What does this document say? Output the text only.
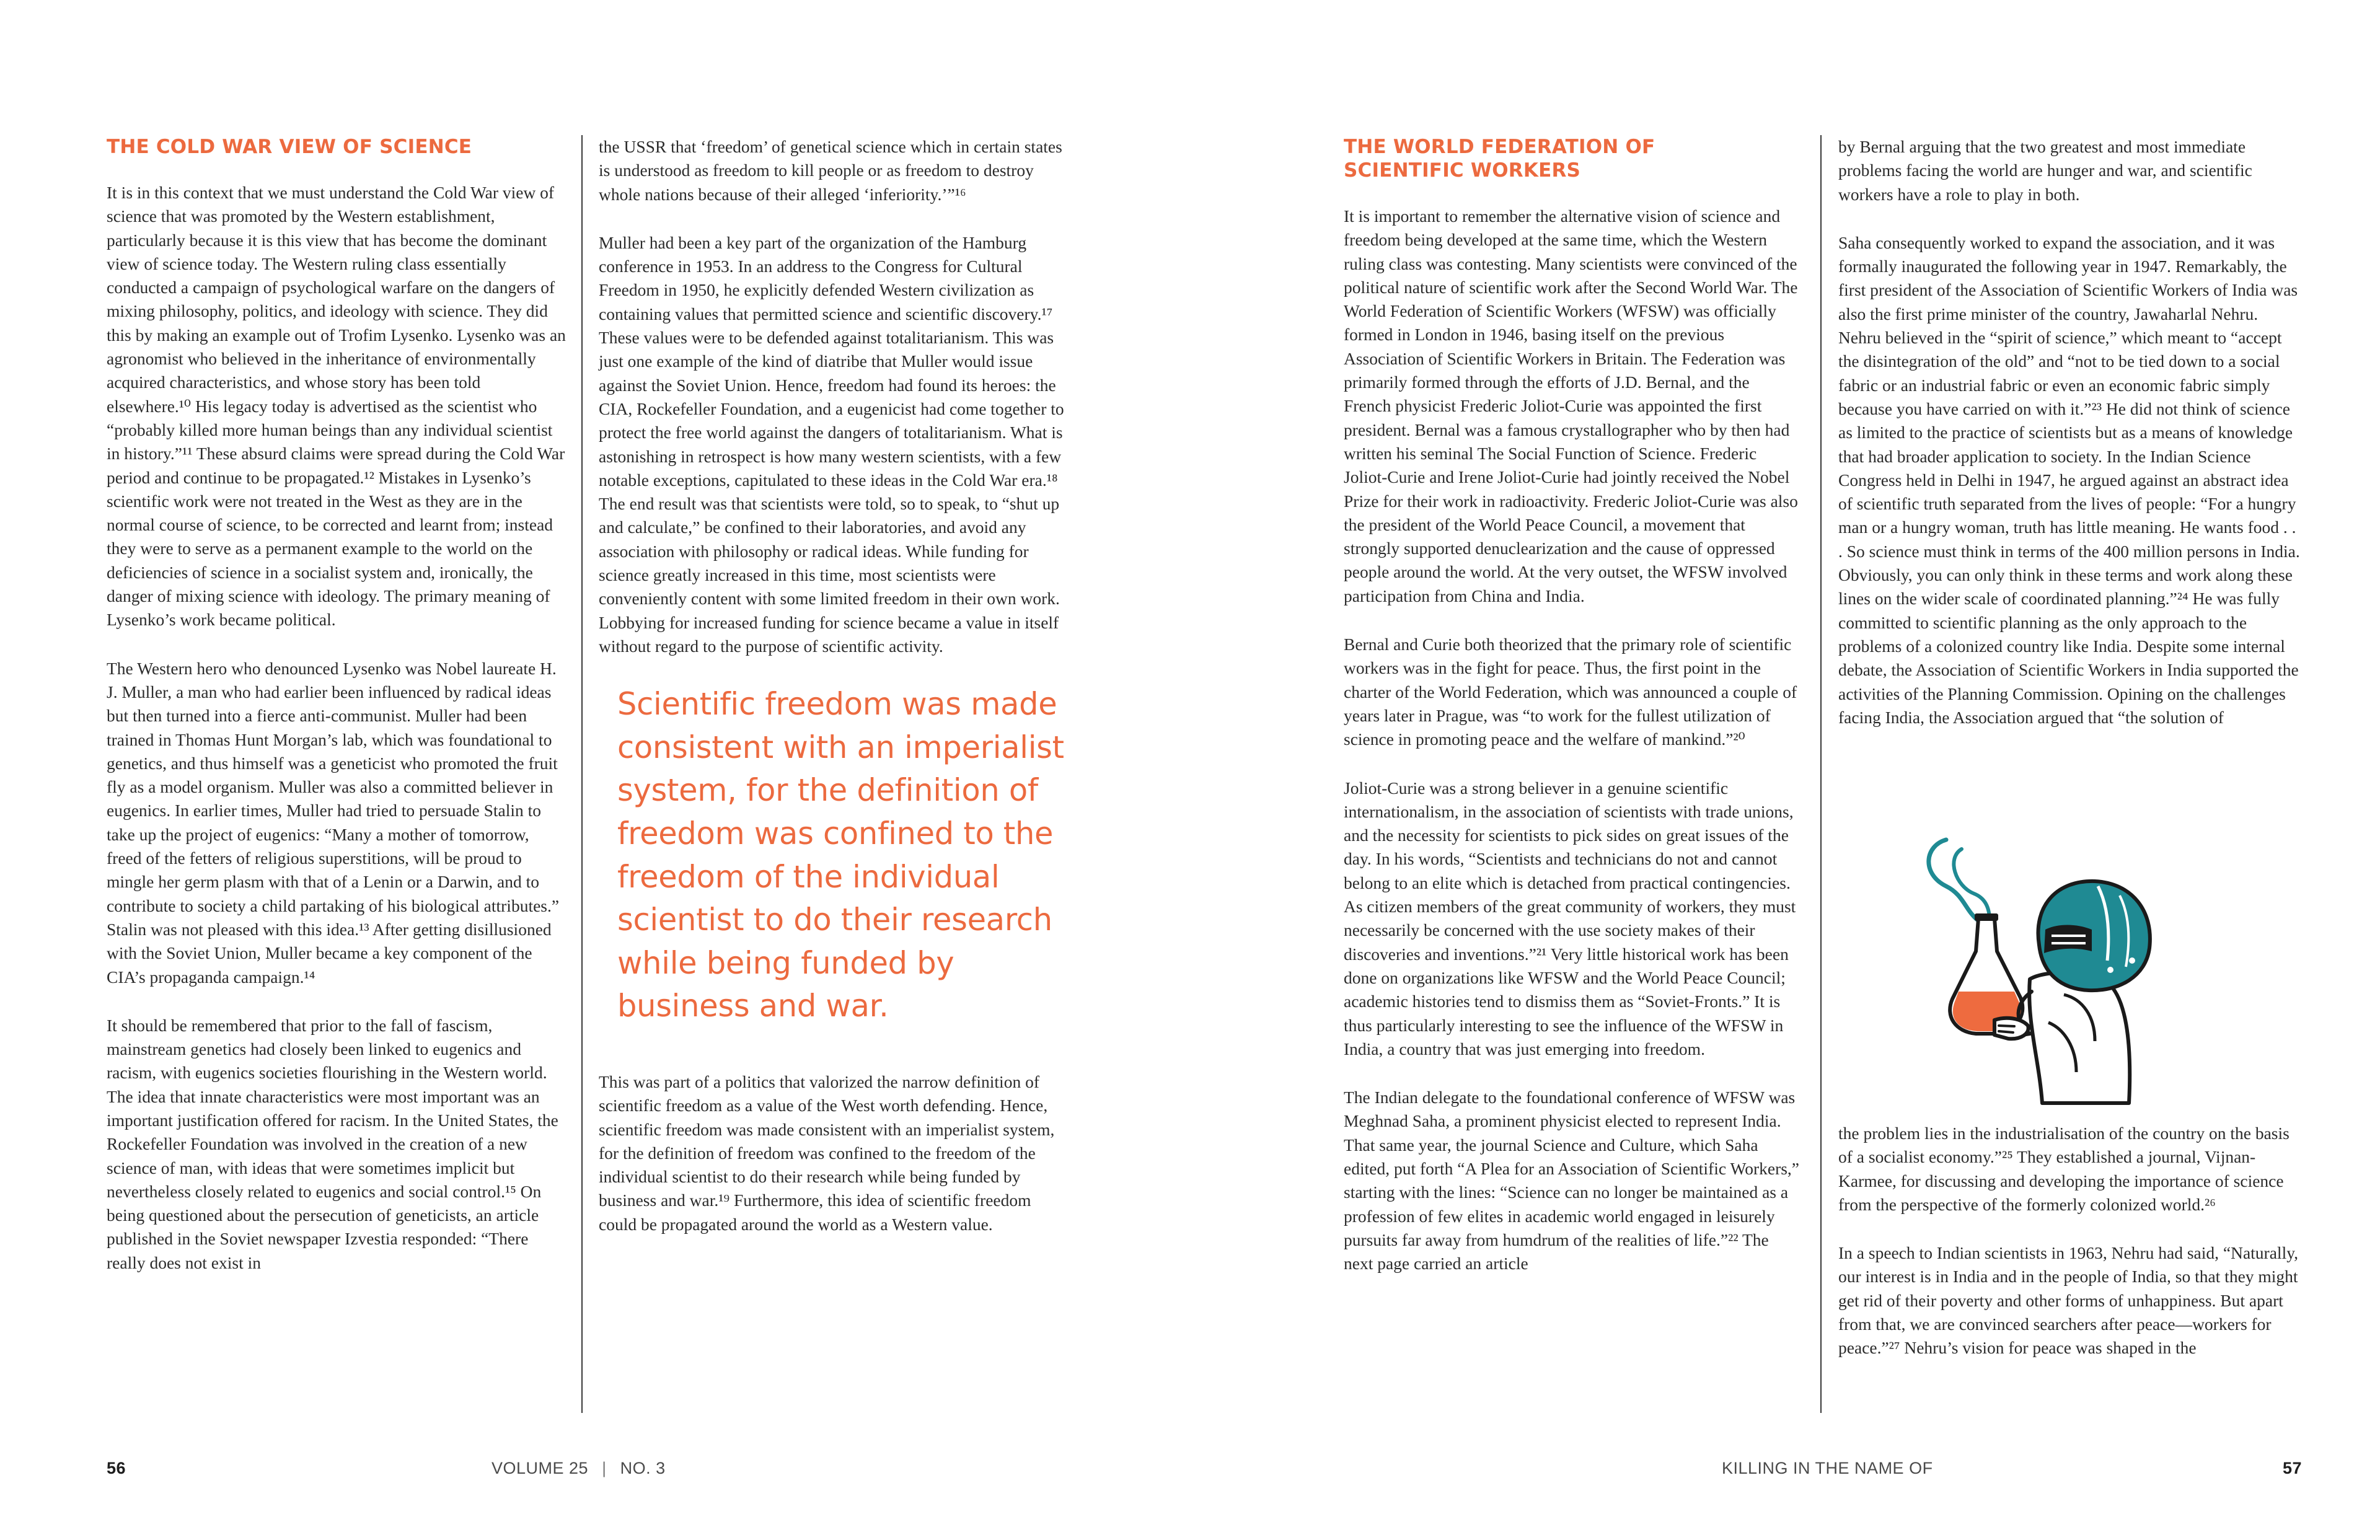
THE COLD WAR VIEW OF SCIENCE

It is in this context that we must understand the Cold War view of science that was promoted by the Western establishment, particularly because it is this view that has become the dominant view of science today. The Western ruling class essentially conducted a campaign of psychological warfare on the dangers of mixing philosophy, politics, and ideology with science. They did this by making an example out of Trofim Lysenko. Lysenko was an agronomist who believed in the inheritance of environmentally acquired characteristics, and whose story has been told elsewhere.¹⁰ His legacy today is advertised as the scientist who “probably killed more human beings than any individual scientist in history.”¹¹ These absurd claims were spread during the Cold War period and continue to be propagated.¹² Mistakes in Lysenko’s scientific work were not treated in the West as they are in the normal course of science, to be corrected and learnt from; instead they were to serve as a permanent example to the world on the deficiencies of science in a socialist system and, ironically, the danger of mixing science with ideology. The primary meaning of Lysenko’s work became political.

The Western hero who denounced Lysenko was Nobel laureate H. J. Muller, a man who had earlier been influenced by radical ideas but then turned into a fierce anti-communist. Muller had been trained in Thomas Hunt Morgan’s lab, which was foundational to genetics, and thus himself was a geneticist who promoted the fruit fly as a model organism. Muller was also a committed believer in eugenics. In earlier times, Muller had tried to persuade Stalin to take up the project of eugenics: “Many a mother of tomorrow, freed of the fetters of religious superstitions, will be proud to mingle her germ plasm with that of a Lenin or a Darwin, and to contribute to society a child partaking of his biological attributes.” Stalin was not pleased with this idea.¹³ After getting disillusioned with the Soviet Union, Muller became a key component of the CIA’s propaganda campaign.¹⁴

It should be remembered that prior to the fall of fascism, mainstream genetics had closely been linked to eugenics and racism, with eugenics societies flourishing in the Western world. The idea that innate characteristics were most important was an important justification offered for racism. In the United States, the Rockefeller Foundation was involved in the creation of a new science of man, with ideas that were sometimes implicit but nevertheless closely related to eugenics and social control.¹⁵ On being questioned about the persecution of geneticists, an article published in the Soviet newspaper Izvestia responded: “There really does not exist in

the USSR that ‘freedom’ of genetical science which in certain states is understood as freedom to kill people or as freedom to destroy whole nations because of their alleged ‘inferiority.’”¹⁶

Muller had been a key part of the organization of the Hamburg conference in 1953. In an address to the Congress for Cultural Freedom in 1950, he explicitly defended Western civilization as containing values that permitted science and scientific discovery.¹⁷ These values were to be defended against totalitarianism. This was just one example of the kind of diatribe that Muller would issue against the Soviet Union. Hence, freedom had found its heroes: the CIA, Rockefeller Foundation, and a eugenicist had come together to protect the free world against the dangers of totalitarianism. What is astonishing in retrospect is how many western scientists, with a few notable exceptions, capitulated to these ideas in the Cold War era.¹⁸ The end result was that scientists were told, so to speak, to “shut up and calculate,” be confined to their laboratories, and avoid any association with philosophy or radical ideas. While funding for science greatly increased in this time, most scientists were conveniently content with some limited freedom in their own work. Lobbying for increased funding for science became a value in itself without regard to the purpose of scientific activity.

Scientific freedom was made consistent with an imperialist system, for the definition of freedom was confined to the freedom of the individual scientist to do their research while being funded by business and war.

This was part of a politics that valorized the narrow definition of scientific freedom as a value of the West worth defending. Hence, scientific freedom was made consistent with an imperialist system, for the definition of freedom was confined to the freedom of the individual scientist to do their research while being funded by business and war.¹⁹ Furthermore, this idea of scientific freedom could be propagated around the world as a Western value.

56	VOLUME 25 | NO. 3
THE WORLD FEDERATION OF
SCIENTIFIC WORKERS

It is important to remember the alternative vision of science and freedom being developed at the same time, which the Western ruling class was contesting. Many scientists were convinced of the political nature of scientific work after the Second World War. The World Federation of Scientific Workers (WFSW) was officially formed in London in 1946, basing itself on the previous Association of Scientific Workers in Britain. The Federation was primarily formed through the efforts of J.D. Bernal, and the French physicist Frederic Joliot-Curie was appointed the first president. Bernal was a famous crystallographer who by then had written his seminal The Social Function of Science. Frederic Joliot-Curie and Irene Joliot-Curie had jointly received the Nobel Prize for their work in radioactivity. Frederic Joliot-Curie was also the president of the World Peace Council, a movement that strongly supported denuclearization and the cause of oppressed people around the world. At the very outset, the WFSW involved participation from China and India.

Bernal and Curie both theorized that the primary role of scientific workers was in the fight for peace. Thus, the first point in the charter of the World Federation, which was announced a couple of years later in Prague, was “to work for the fullest utilization of science in promoting peace and the welfare of mankind.”²⁰

Joliot-Curie was a strong believer in a genuine scientific internationalism, in the association of scientists with trade unions, and the necessity for scientists to pick sides on great issues of the day. In his words, “Scientists and technicians do not and cannot belong to an elite which is detached from practical contingencies. As citizen members of the great community of workers, they must necessarily be concerned with the use society makes of their discoveries and inventions.”²¹ Very little historical work has been done on organizations like WFSW and the World Peace Council; academic histories tend to dismiss them as “Soviet-Fronts.” It is thus particularly interesting to see the influence of the WFSW in India, a country that was just emerging into freedom.

The Indian delegate to the foundational conference of WFSW was Meghnad Saha, a prominent physicist elected to represent India. That same year, the journal Science and Culture, which Saha edited, put forth “A Plea for an Association of Scientific Workers,” starting with the lines: “Science can no longer be maintained as a profession of few elites in academic world engaged in leisurely pursuits far away from humdrum of the realities of life.”²² The next page carried an article

by Bernal arguing that the two greatest and most immediate problems facing the world are hunger and war, and scientific workers have a role to play in both.

Saha consequently worked to expand the association, and it was formally inaugurated the following year in 1947. Remarkably, the first president of the Association of Scientific Workers of India was also the first prime minister of the country, Jawaharlal Nehru. Nehru believed in the “spirit of science,” which meant to “accept the disintegration of the old” and “not to be tied down to a social fabric or an industrial fabric or even an economic fabric simply because you have carried on with it.”²³ He did not think of science as limited to the practice of scientists but as a means of knowledge that had broader application to society. In the Indian Science Congress held in Delhi in 1947, he argued against an abstract idea of scientific truth separated from the lives of people: “For a hungry man or a hungry woman, truth has little meaning. He wants food . . . So science must think in terms of the 400 million persons in India. Obviously, you can only think in these terms and work along these lines on the wider scale of coordinated planning.”²⁴ He was fully committed to scientific planning as the only approach to the problems of a colonized country like India. Despite some internal debate, the Association of Scientific Workers in India supported the activities of the Planning Commission. Opining on the challenges facing India, the Association argued that “the solution of

the problem lies in the industrialisation of the country on the basis of a socialist economy.”²⁵ They established a journal, Vijnan-Karmee, for discussing and developing the importance of science from the perspective of the formerly colonized world.²⁶

In a speech to Indian scientists in 1963, Nehru had said, “Naturally, our interest is in India and in the people of India, so that they might get rid of their poverty and other forms of unhappiness. But apart from that, we are convinced searchers after peace—workers for peace.”²⁷ Nehru’s vision for peace was shaped in the

KILLING IN THE NAME OF	57
